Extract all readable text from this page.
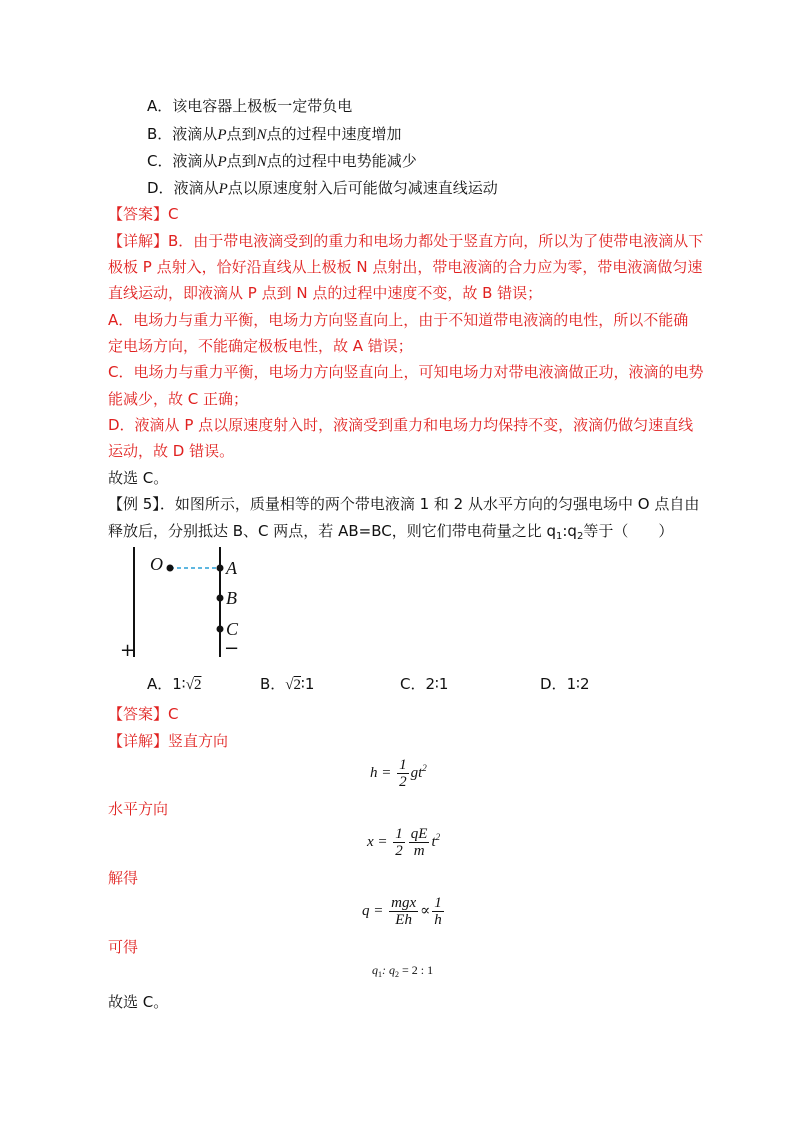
A．该电容器上极板一定带负电
B．液滴从P点到N点的过程中速度增加
C．液滴从P点到N点的过程中电势能减少
D．液滴从P点以原速度射入后可能做匀减速直线运动
【答案】C
【详解】B．由于带电液滴受到的重力和电场力都处于竖直方向，所以为了使带电液滴从下
极板 P 点射入，恰好沿直线从上极板 N 点射出，带电液滴的合力应为零，带电液滴做匀速
直线运动，即液滴从 P 点到 N 点的过程中速度不变，故 B 错误；
A．电场力与重力平衡，电场力方向竖直向上，由于不知道带电液滴的电性，所以不能确
定电场方向，不能确定极板电性，故 A 错误；
C．电场力与重力平衡，电场力方向竖直向上，可知电场力对带电液滴做正功，液滴的电势
能减少，故 C 正确；
D．液滴从 P 点以原速度射入时，液滴受到重力和电场力均保持不变，液滴仍做匀速直线
运动，故 D 错误。
故选 C。
【例 5】．如图所示，质量相等的两个带电液滴 1 和 2 从水平方向的匀强电场中 O 点自由
释放后，分别抵达 B、C 两点，若 AB=BC，则它们带电荷量之比 $q_1:q_2$等于（　　）
O	A
B
C
+	−
A．1∶√2	B．√2∶1	C．2∶1	D．1∶2
【答案】C
【详解】竖直方向
$h = \frac{1}{2} gt^2$
水平方向
$x = \frac{1}{2} \frac{qE}{m} t^2$
解得
$q = \frac{\text{mgx}}{Eh} \propto \frac{1}{h}$
可得
$q_1$: $q_2 = 2$ : 1
故选 C。
